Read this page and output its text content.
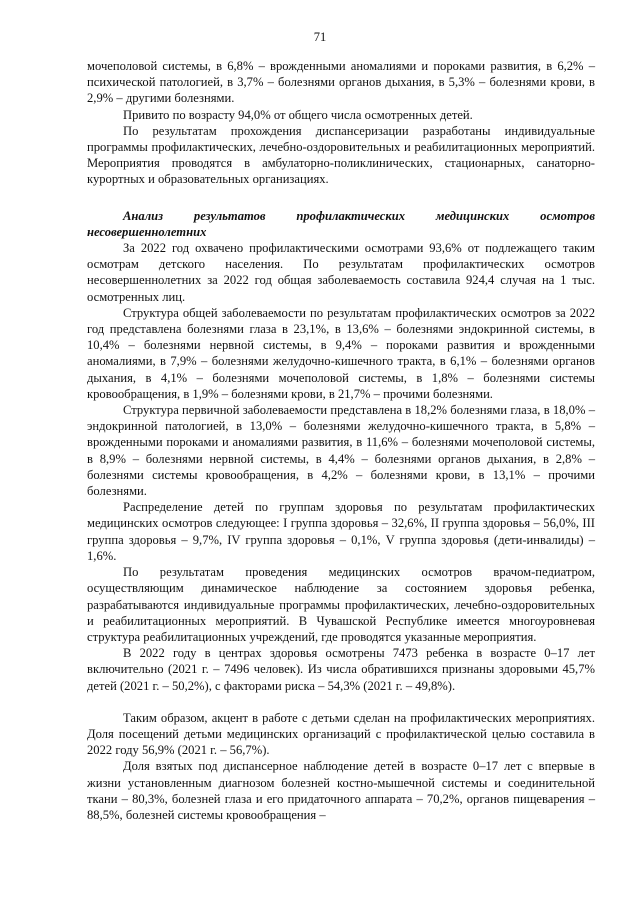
71

мочеполовой системы, в 6,8% – врожденными аномалиями и пороками развития, в 6,2% – психической патологией, в 3,7% – болезнями органов дыхания, в 5,3% – болезнями крови, в 2,9% – другими болезнями.

Привито по возрасту 94,0% от общего числа осмотренных детей.

По результатам прохождения диспансеризации разработаны индивидуальные программы профилактических, лечебно-оздоровительных и реабилитационных мероприятий. Мероприятия проводятся в амбулаторно-поликлинических, стационарных, санаторно-курортных и образовательных организациях.

Анализ результатов профилактических медицинских осмотров несовершеннолетних

За 2022 год охвачено профилактическими осмотрами 93,6% от подлежащего таким осмотрам детского населения. По результатам профилактических осмотров несовершеннолетних за 2022 год общая заболеваемость составила 924,4 случая на 1 тыс. осмотренных лиц.

Структура общей заболеваемости по результатам профилактических осмотров за 2022 год представлена болезнями глаза в 23,1%, в 13,6% – болезнями эндокринной системы, в 10,4% – болезнями нервной системы, в 9,4% – пороками развития и врожденными аномалиями, в 7,9% – болезнями желудочно-кишечного тракта, в 6,1% – болезнями органов дыхания, в 4,1% – болезнями мочеполовой системы, в 1,8% – болезнями системы кровообращения, в 1,9% – болезнями крови, в 21,7% – прочими болезнями.

Структура первичной заболеваемости представлена в 18,2% болезнями глаза, в 18,0% – эндокринной патологией, в 13,0% – болезнями желудочно-кишечного тракта, в 5,8% – врожденными пороками и аномалиями развития, в 11,6% – болезнями мочеполовой системы, в 8,9% – болезнями нервной системы, в 4,4% – болезнями органов дыхания, в 2,8% – болезнями системы кровообращения, в 4,2% – болезнями крови, в 13,1% – прочими болезнями.

Распределение детей по группам здоровья по результатам профилактических медицинских осмотров следующее: I группа здоровья – 32,6%, II группа здоровья – 56,0%, III группа здоровья – 9,7%, IV группа здоровья – 0,1%, V группа здоровья (дети-инвалиды) – 1,6%.

По результатам проведения медицинских осмотров врачом-педиатром, осуществляющим динамическое наблюдение за состоянием здоровья ребенка, разрабатываются индивидуальные программы профилактических, лечебно-оздоровительных и реабилитационных мероприятий. В Чувашской Республике имеется многоуровневая структура реабилитационных учреждений, где проводятся указанные мероприятия.

В 2022 году в центрах здоровья осмотрены 7473 ребенка в возрасте 0–17 лет включительно (2021 г. – 7496 человек). Из числа обратившихся признаны здоровыми 45,7% детей (2021 г. – 50,2%), с факторами риска – 54,3% (2021 г. – 49,8%).

Таким образом, акцент в работе с детьми сделан на профилактических мероприятиях. Доля посещений детьми медицинских организаций с профилактической целью составила в 2022 году 56,9% (2021 г. – 56,7%).

Доля взятых под диспансерное наблюдение детей в возрасте 0–17 лет с впервые в жизни установленным диагнозом болезней костно-мышечной системы и соединительной ткани – 80,3%, болезней глаза и его придаточного аппарата – 70,2%, органов пищеварения – 88,5%, болезней системы кровообращения –
